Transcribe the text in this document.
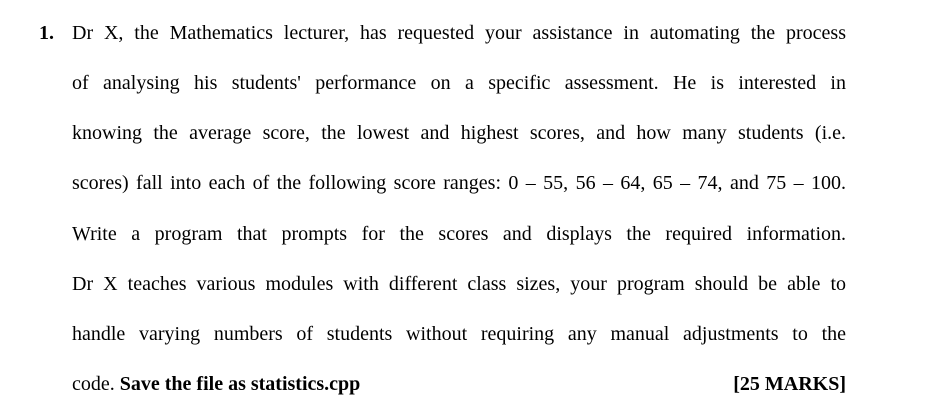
1. Dr X, the Mathematics lecturer, has requested your assistance in automating the process
of analysing his students' performance on a specific assessment. He is interested in
knowing the average score, the lowest and highest scores, and how many students (i.e.
scores) fall into each of the following score ranges: 0 – 55, 56 – 64, 65 – 74, and 75 – 100.
Write a program that prompts for the scores and displays the required information.
Dr X teaches various modules with different class sizes, your program should be able to
handle varying numbers of students without requiring any manual adjustments to the
code. Save the file as statistics.cpp	[25 MARKS]
